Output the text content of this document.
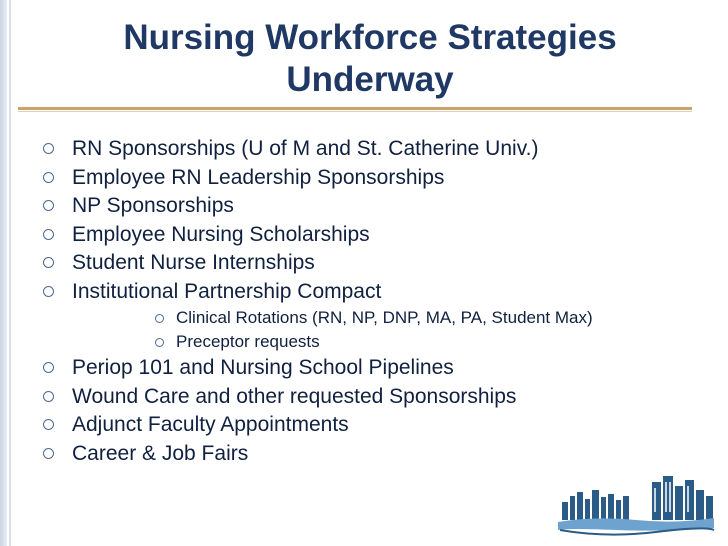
Nursing Workforce Strategies
Underway
RN Sponsorships (U of M and St. Catherine Univ.)
Employee RN Leadership Sponsorships
NP Sponsorships
Employee Nursing Scholarships
Student Nurse Internships
Institutional Partnership Compact
Clinical Rotations (RN, NP, DNP, MA, PA, Student Max)
Preceptor requests
Periop 101 and Nursing School Pipelines
Wound Care and other requested Sponsorships
Adjunct Faculty Appointments
Career & Job Fairs
